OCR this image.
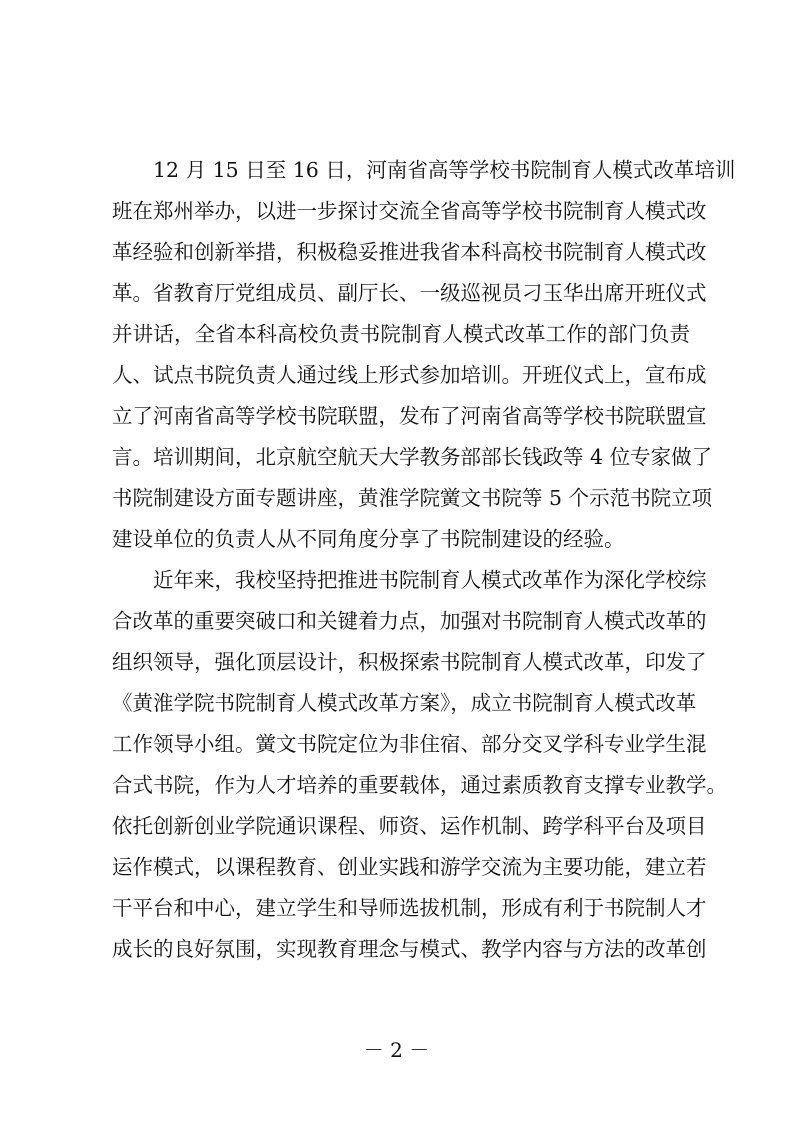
　　12 月 15 日至 16 日，河南省高等学校书院制育人模式改革培训
班在郑州举办，以进一步探讨交流全省高等学校书院制育人模式改
革经验和创新举措，积极稳妥推进我省本科高校书院制育人模式改
革。省教育厅党组成员、副厅长、一级巡视员刁玉华出席开班仪式
并讲话，全省本科高校负责书院制育人模式改革工作的部门负责
人、试点书院负责人通过线上形式参加培训。开班仪式上，宣布成
立了河南省高等学校书院联盟，发布了河南省高等学校书院联盟宣
言。培训期间，北京航空航天大学教务部部长钱政等 4 位专家做了
书院制建设方面专题讲座，黄淮学院黉文书院等 5 个示范书院立项
建设单位的负责人从不同角度分享了书院制建设的经验。
　　近年来，我校坚持把推进书院制育人模式改革作为深化学校综
合改革的重要突破口和关键着力点，加强对书院制育人模式改革的
组织领导，强化顶层设计，积极探索书院制育人模式改革，印发了
《黄淮学院书院制育人模式改革方案》，成立书院制育人模式改革
工作领导小组。黉文书院定位为非住宿、部分交叉学科专业学生混
合式书院，作为人才培养的重要载体，通过素质教育支撑专业教学。
依托创新创业学院通识课程、师资、运作机制、跨学科平台及项目
运作模式，以课程教育、创业实践和游学交流为主要功能，建立若
干平台和中心，建立学生和导师选拔机制，形成有利于书院制人才
成长的良好氛围，实现教育理念与模式、教学内容与方法的改革创
－ 2 －
